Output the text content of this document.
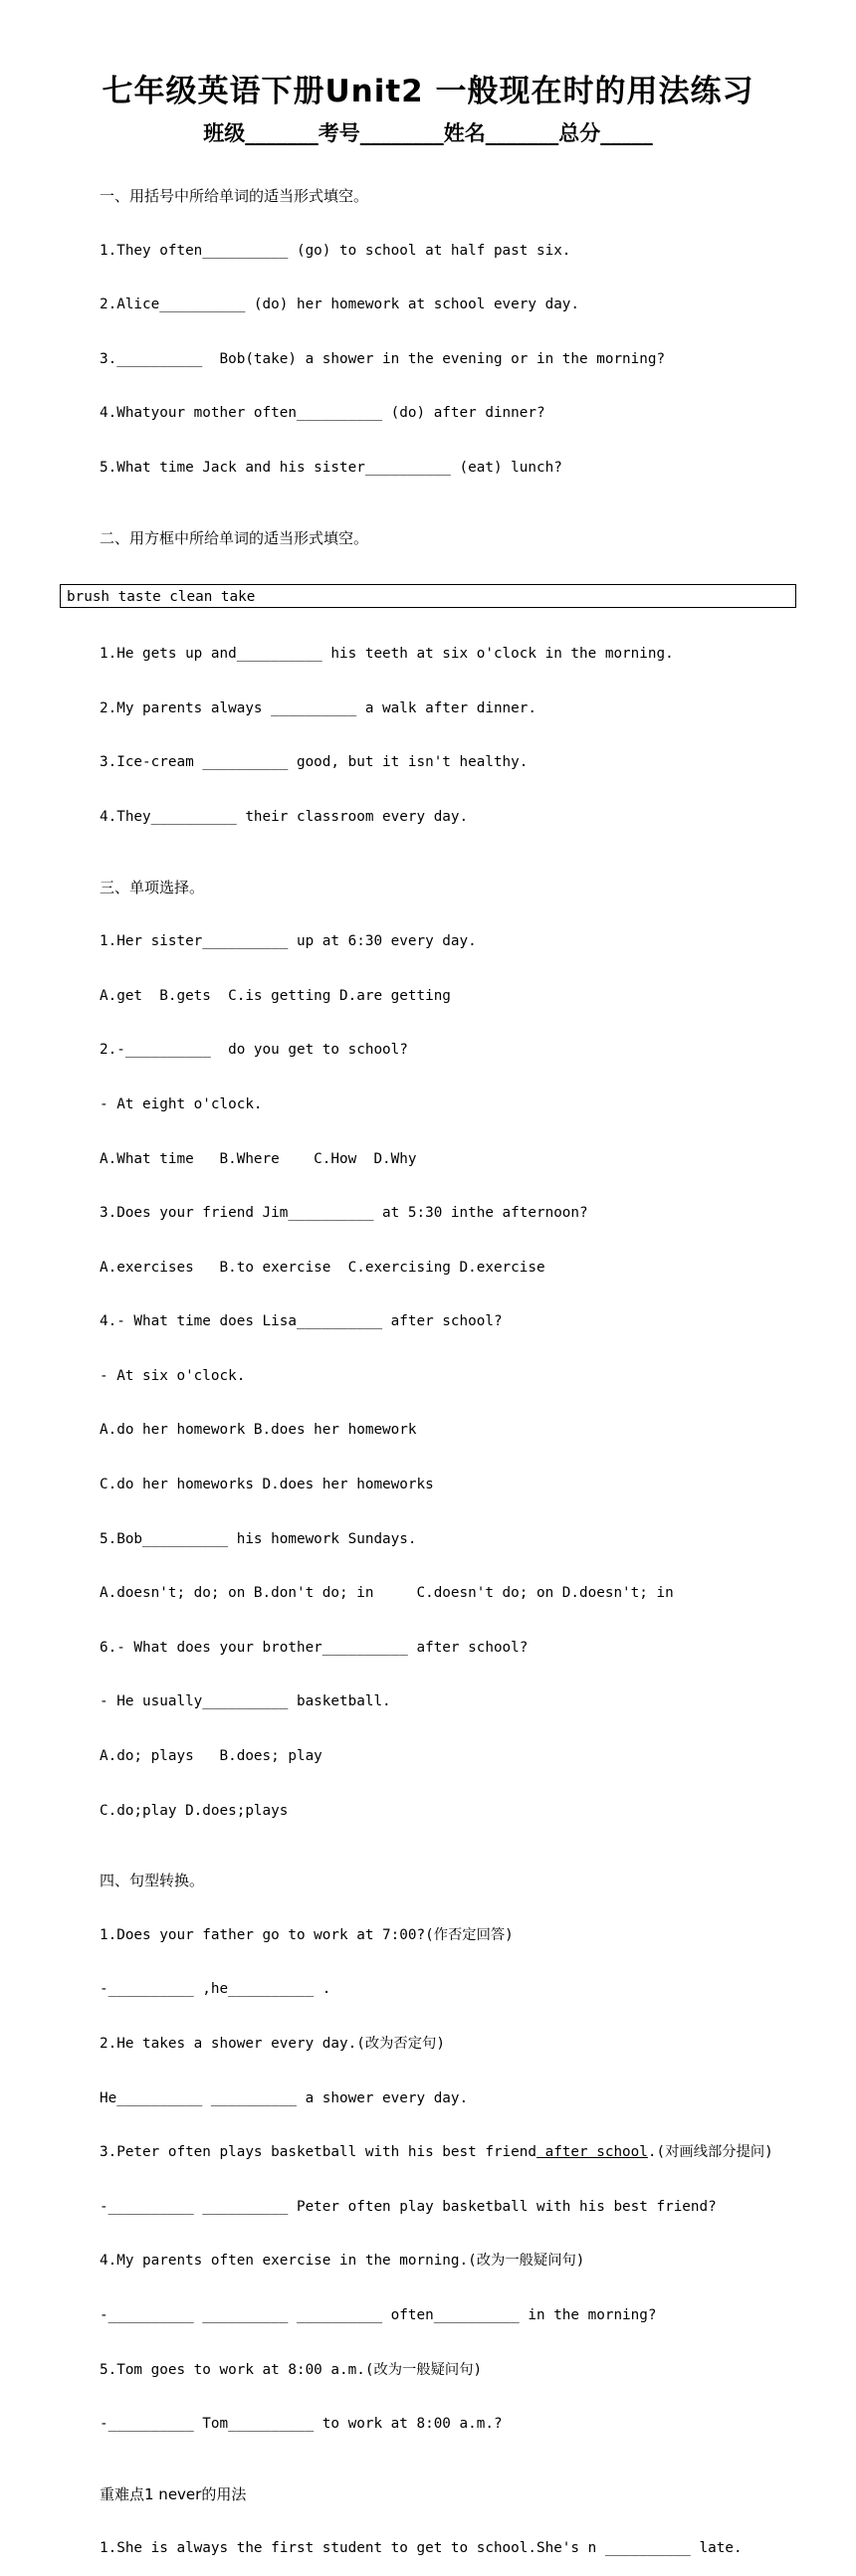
七年级英语下册Unit2 一般现在时的用法练习
班级_______考号________姓名_______总分_____

一、用括号中所给单词的适当形式填空。

1.They often__________ (go) to school at half past six.

2.Alice__________ (do) her homework at school every day.

3.__________  Bob(take) a shower in the evening or in the morning?

4.Whatyour mother often__________ (do) after dinner?

5.What time Jack and his sister__________ (eat) lunch?

二、用方框中所给单词的适当形式填空。

brush taste clean take

1.He gets up and__________ his teeth at six o'clock in the morning.

2.My parents always __________ a walk after dinner.

3.Ice-cream __________ good, but it isn't healthy.

4.They__________ their classroom every day.

三、单项选择。

1.Her sister__________ up at 6:30 every day.

A.get  B.gets  C.is getting D.are getting

2.-__________  do you get to school?

- At eight o'clock.

A.What time   B.Where    C.How  D.Why

3.Does your friend Jim__________ at 5:30 inthe afternoon?

A.exercises   B.to exercise  C.exercising D.exercise

4.- What time does Lisa__________ after school?

- At six o'clock.

A.do her homework B.does her homework

C.do her homeworks D.does her homeworks

5.Bob__________ his homework Sundays.

A.doesn't; do; on B.don't do; in     C.doesn't do; on D.doesn't; in

6.- What does your brother__________ after school?

- He usually__________ basketball.

A.do; plays   B.does; play

C.do;play D.does;plays

四、句型转换。

1.Does your father go to work at 7:00?(作否定回答)

-__________ ,he__________ .

2.He takes a shower every day.(改为否定句)

He__________ __________ a shower every day.

3.Peter often plays basketball with his best friend after school.(对画线部分提问)

-__________ __________ Peter often play basketball with his best friend?

4.My parents often exercise in the morning.(改为一般疑问句)

-__________ __________ __________ often__________ in the morning?

5.Tom goes to work at 8:00 a.m.(改为一般疑问句)

-__________ Tom__________ to work at 8:00 a.m.?

重难点1 never的用法

1.She is always the first student to get to school.She's n __________ late.
